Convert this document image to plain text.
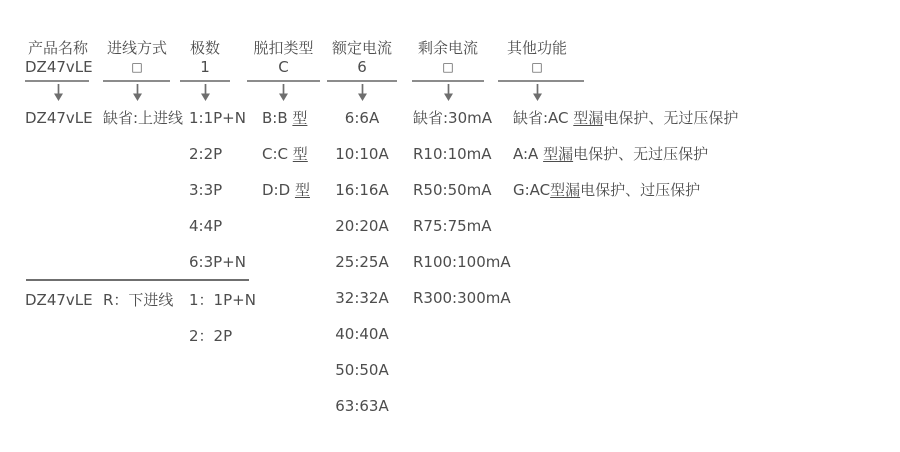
产品名称
DZ47vLE
DZ47vLE
进线方式
□
缺省:上进线
极数
1
1:1P+N
2:2P
3:3P
4:4P
6:3P+N
脱扣类型
C
B:B 型
C:C 型
D:D 型
额定电流
6
6:6A
10:10A
16:16A
20:20A
25:25A
32:32A
40:40A
50:50A
63:63A
剩余电流
□
缺省:30mA
R10:10mA
R50:50mA
R75:75mA
R100:100mA
R300:300mA
其他功能
□
缺省:AC 型漏电保护、无过压保护
A:A 型漏电保护、无过压保护
G:AC型漏电保护、过压保护
DZ47vLE R：下进线 1：1P+N
2：2P
